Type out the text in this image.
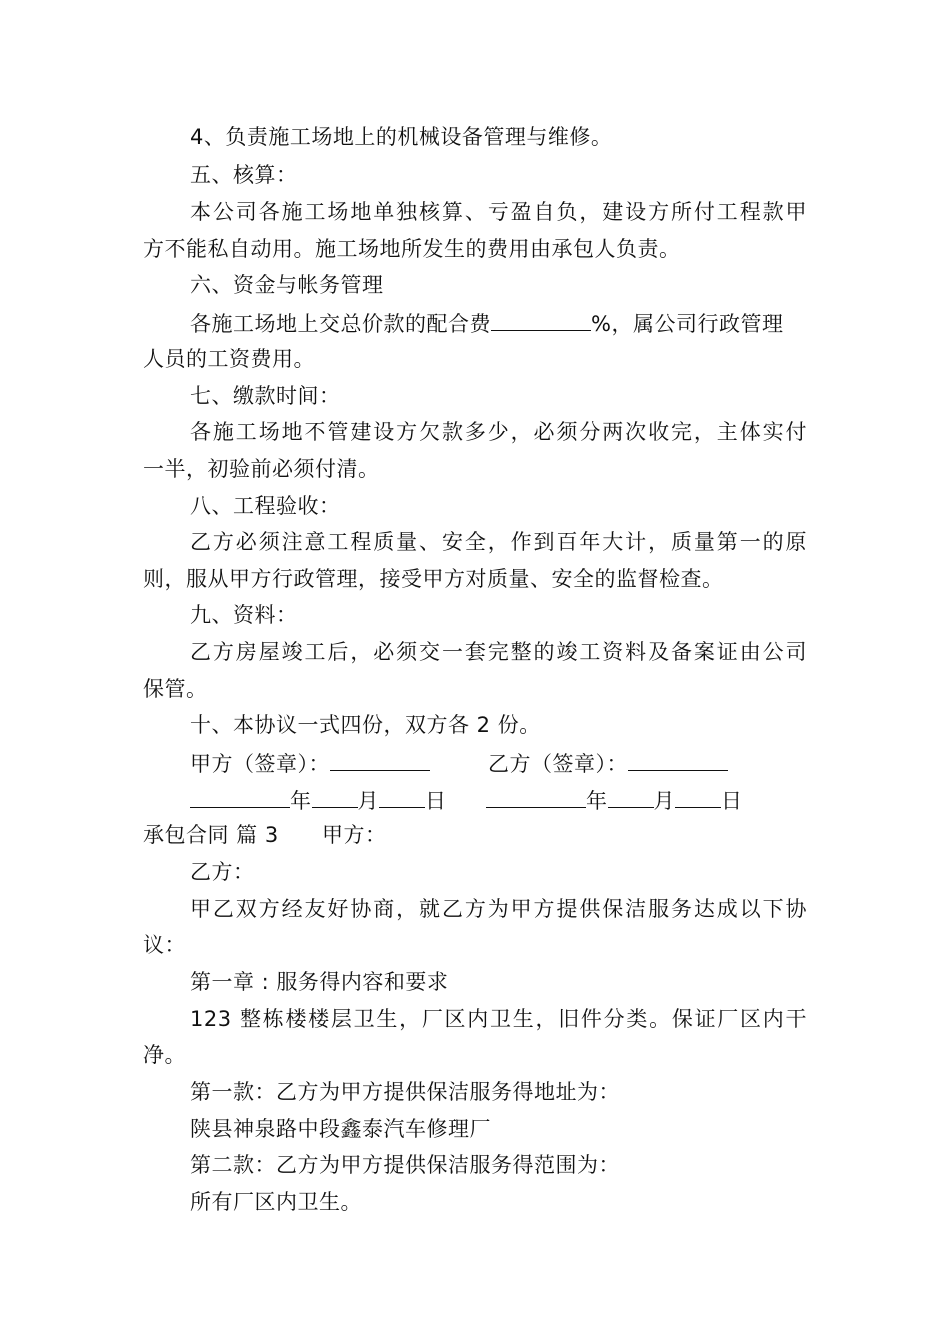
4、负责施工场地上的机械设备管理与维修。
五、核算：
本公司各施工场地单独核算、亏盈自负，建设方所付工程款甲
方不能私自动用。施工场地所发生的费用由承包人负责。
六、资金与帐务管理
各施工场地上交总价款的配合费	%，属公司行政管理
人员的工资费用。
七、缴款时间：
各施工场地不管建设方欠款多少，必须分两次收完，主体实付
一半，初验前必须付清。
八、工程验收：
乙方必须注意工程质量、安全，作到百年大计，质量第一的原
则，服从甲方行政管理，接受甲方对质量、安全的监督检查。
九、资料：
乙方房屋竣工后，必须交一套完整的竣工资料及备案证由公司
保管。
十、本协议一式四份，双方各 2 份。
甲方（签章）：	乙方（签章）：
年 月 日	年 月 日
承包合同 篇 3 甲方：
乙方：
甲乙双方经友好协商，就乙方为甲方提供保洁服务达成以下协
议：
第一章 : 服务得内容和要求
123 整栋楼楼层卫生，厂区内卫生，旧件分类。保证厂区内干
净。
第一款：乙方为甲方提供保洁服务得地址为：
陕县神泉路中段鑫泰汽车修理厂
第二款：乙方为甲方提供保洁服务得范围为：
所有厂区内卫生。
